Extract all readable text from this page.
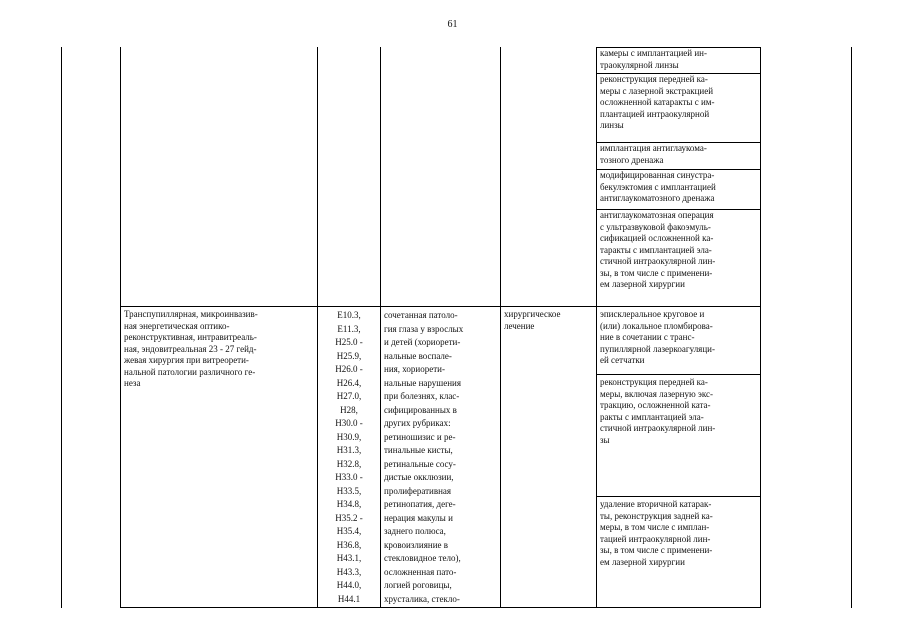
61
камеры с имплантацией ин-
траокулярной линзы
реконструкция передней ка-
меры с лазерной экстракцией
осложненной катаракты с им-
плантацией интраокулярной
линзы
имплантация антиглаукома-
тозного дренажа
модифицированная синустра-
бекулэктомия с имплантацией
антиглаукоматозного дренажа
антиглаукоматозная операция
с ультразвуковой факоэмуль-
сификацией осложненной ка-
таракты с имплантацией эла-
стичной интраокулярной лин-
зы, в том числе с применени-
ем лазерной хирургии
Транспупиллярная, микроинвазив-
ная энергетическая оптико-
реконструктивная, интравитреаль-
ная, эндовитреальная 23 - 27 гейд-
жевая хирургия при витреорети-
нальной патологии различного ге-
неза
E10.3,
E11.3,
H25.0 -
H25.9,
H26.0 -
H26.4,
H27.0,
H28,
H30.0 -
H30.9,
H31.3,
H32.8,
H33.0 -
H33.5,
H34.8,
H35.2 -
H35.4,
H36.8,
H43.1,
H43.3,
H44.0,
H44.1
сочетанная патоло-
гия глаза у взрослых
и детей (хориорети-
нальные воспале-
ния, хориорети-
нальные нарушения
при болезнях, клас-
сифицированных в
других рубриках:
ретиношизис и ре-
тинальные кисты,
ретинальные сосу-
дистые окклюзии,
пролиферативная
ретинопатия, деге-
нерация макулы и
заднего полюса,
кровоизлияние в
стекловидное тело),
осложненная пато-
логией роговицы,
хрусталика, стекло-
хирургическое
лечение
эписклеральное круговое и
(или) локальное пломбирова-
ние в сочетании с транс-
пупиллярной лазеркоагуляци-
ей сетчатки
реконструкция передней ка-
меры, включая лазерную экс-
тракцию, осложненной ката-
ракты с имплантацией эла-
стичной интраокулярной лин-
зы
удаление вторичной катарак-
ты, реконструкция задней ка-
меры, в том числе с имплан-
тацией интраокулярной лин-
зы, в том числе с применени-
ем лазерной хирургии
